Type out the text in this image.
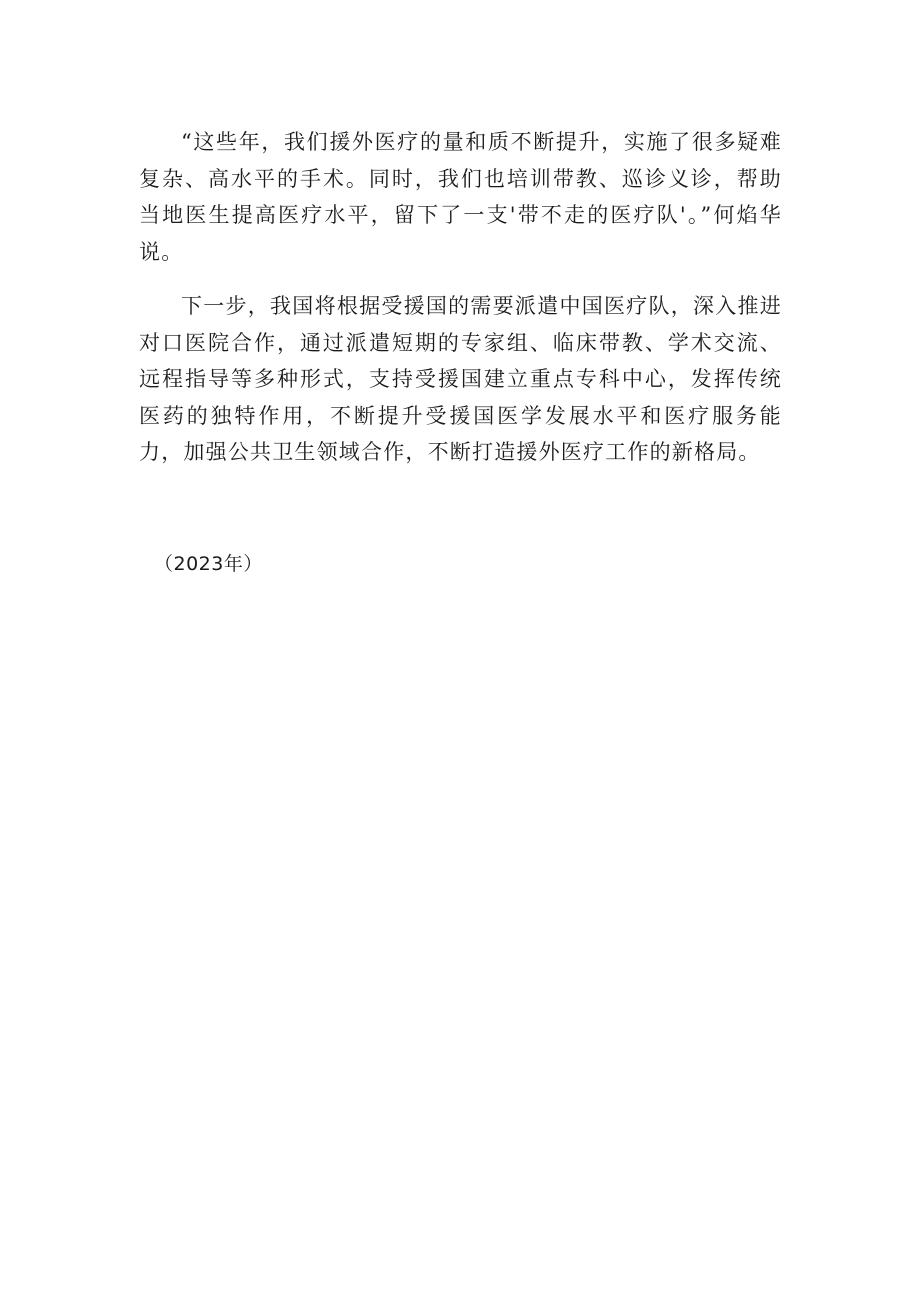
“这些年，我们援外医疗的量和质不断提升，实施了很多疑难复杂、高水平的手术。同时，我们也培训带教、巡诊义诊，帮助当地医生提高医疗水平，留下了一支'带不走的医疗队'。”何焰华说。

下一步，我国将根据受援国的需要派遣中国医疗队，深入推进对口医院合作，通过派遣短期的专家组、临床带教、学术交流、远程指导等多种形式，支持受援国建立重点专科中心，发挥传统医药的独特作用，不断提升受援国医学发展水平和医疗服务能力，加强公共卫生领域合作，不断打造援外医疗工作的新格局。

（2023年）
